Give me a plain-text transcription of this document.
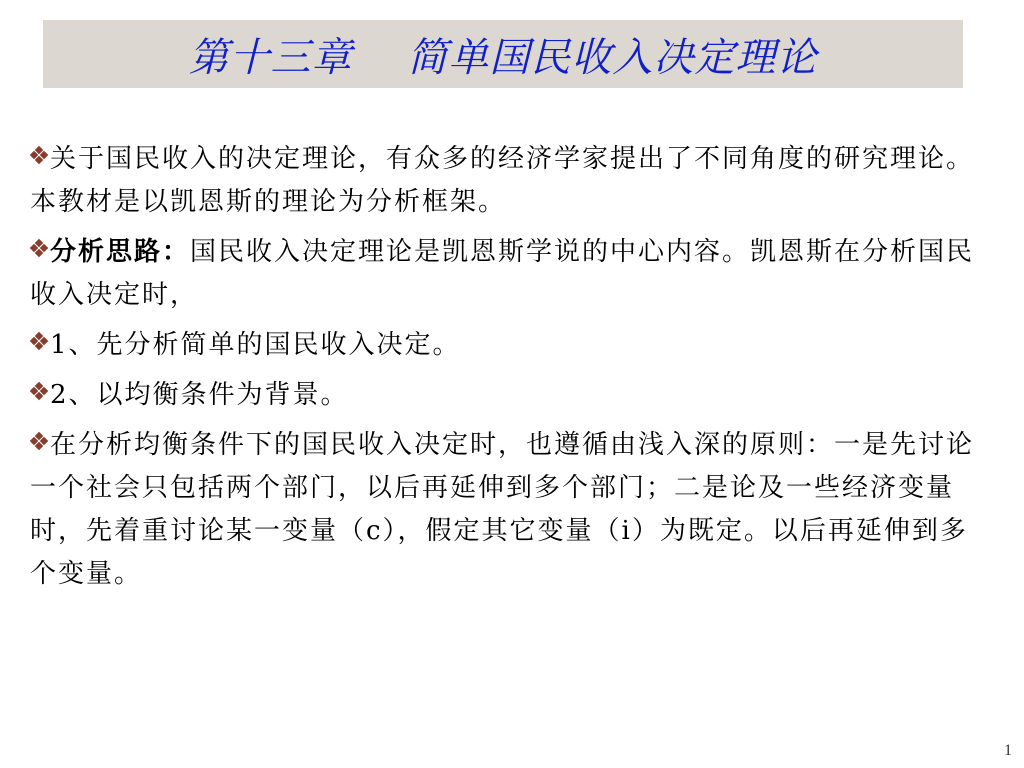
第十三章    简单国民收入决定理论

关于国民收入的决定理论，有众多的经济学家提出了不同角度的研究理论。本教材是以凯恩斯的理论为分析框架。

分析思路：国民收入决定理论是凯恩斯学说的中心内容。凯恩斯在分析国民收入决定时，

1、先分析简单的国民收入决定。

2、以均衡条件为背景。

在分析均衡条件下的国民收入决定时，也遵循由浅入深的原则：一是先讨论一个社会只包括两个部门，以后再延伸到多个部门；二是论及一些经济变量时，先着重讨论某一变量（c），假定其它变量（i）为既定。以后再延伸到多个变量。

1
